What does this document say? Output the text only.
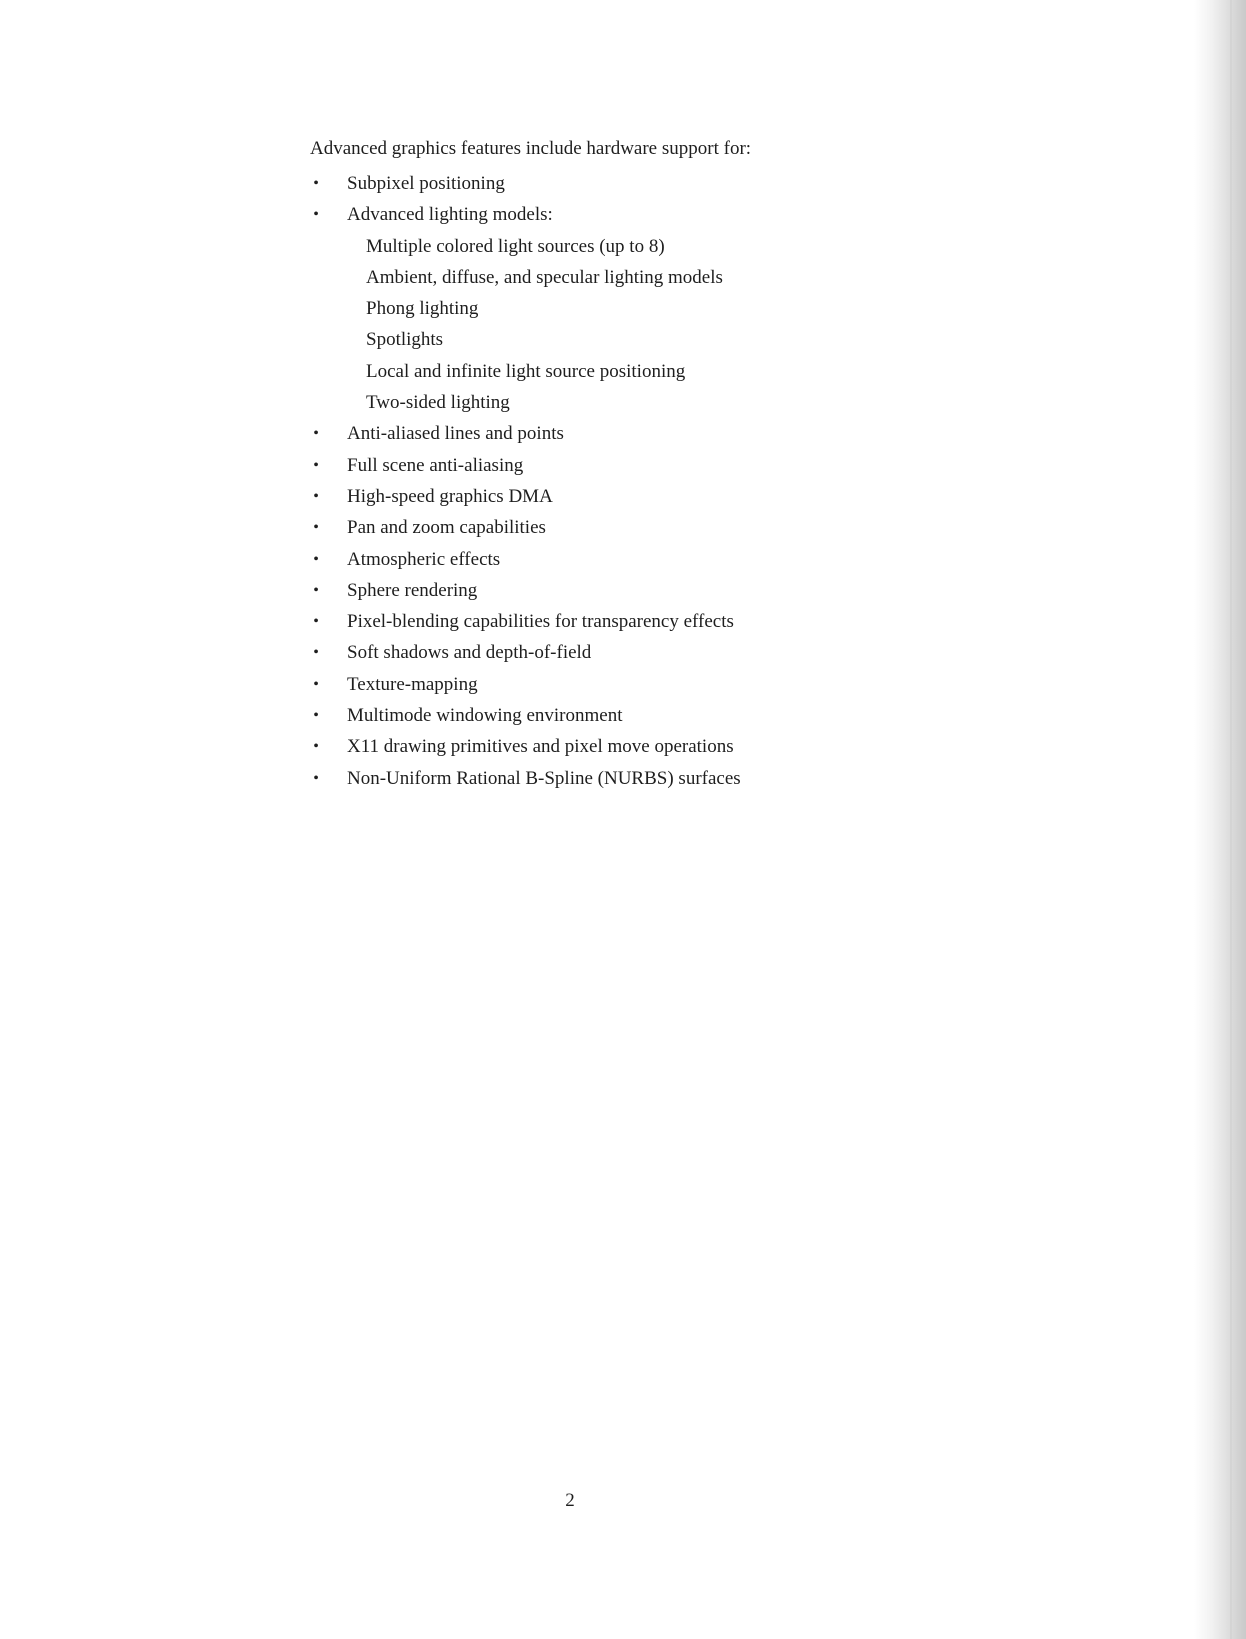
Advanced graphics features include hardware support for:

• Subpixel positioning
• Advanced lighting models:
Multiple colored light sources (up to 8)
Ambient, diffuse, and specular lighting models
Phong lighting
Spotlights
Local and infinite light source positioning
Two-sided lighting
• Anti-aliased lines and points
• Full scene anti-aliasing
• High-speed graphics DMA
• Pan and zoom capabilities
• Atmospheric effects
• Sphere rendering
• Pixel-blending capabilities for transparency effects
• Soft shadows and depth-of-field
• Texture-mapping
• Multimode windowing environment
• X11 drawing primitives and pixel move operations
• Non-Uniform Rational B-Spline (NURBS) surfaces
2
